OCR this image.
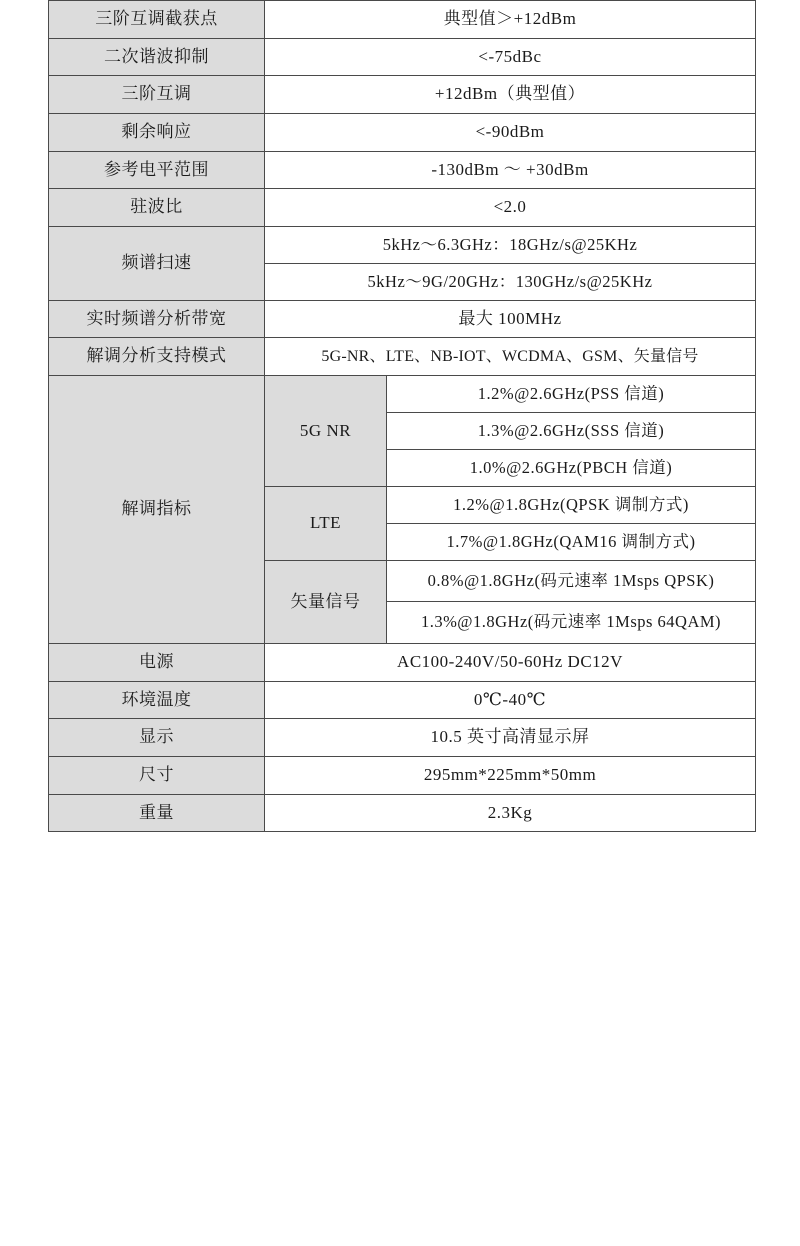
三阶互调截获点	典型值＞+12dBm	
二次谐波抑制	<-75dBc	
三阶互调	+12dBm（典型值）	
剩余响应	<-90dBm	
参考电平范围	-130dBm ～ +30dBm	
驻波比	<2.0	
频谱扫速	5kHz～6.3GHz：18GHz/s@25KHz	
	5kHz～9G/20GHz：130GHz/s@25KHz	
实时频谱分析带宽	最大 100MHz	
解调分析支持模式	5G-NR、LTE、NB-IOT、WCDMA、GSM、矢量信号	
解调指标	5G NR	1.2%@2.6GHz(PSS 信道)
		1.3%@2.6GHz(SSS 信道)
		1.0%@2.6GHz(PBCH 信道)
	LTE	1.2%@1.8GHz(QPSK 调制方式)
		1.7%@1.8GHz(QAM16 调制方式)
	矢量信号	0.8%@1.8GHz(码元速率 1Msps QPSK)
		1.3%@1.8GHz(码元速率 1Msps 64QAM)
电源	AC100-240V/50-60Hz DC12V	
环境温度	0℃-40℃	
显示	10.5 英寸高清显示屏	
尺寸	295mm*225mm*50mm	
重量	2.3Kg	
